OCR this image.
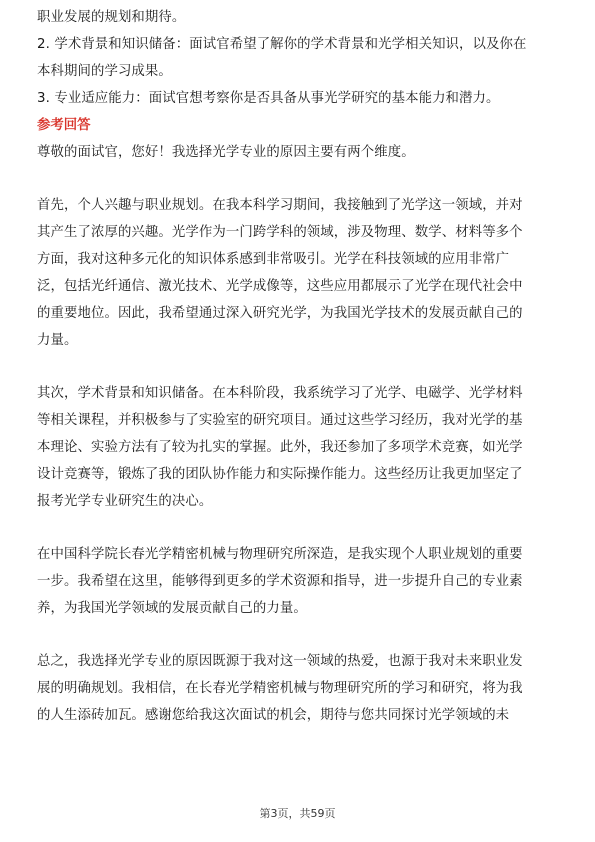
职业发展的规划和期待。
2. 学术背景和知识储备：面试官希望了解你的学术背景和光学相关知识，以及你在
本科期间的学习成果。
3. 专业适应能力：面试官想考察你是否具备从事光学研究的基本能力和潜力。
参考回答
尊敬的面试官，您好！我选择光学专业的原因主要有两个维度。
首先，个人兴趣与职业规划。在我本科学习期间，我接触到了光学这一领域，并对
其产生了浓厚的兴趣。光学作为一门跨学科的领域，涉及物理、数学、材料等多个
方面，我对这种多元化的知识体系感到非常吸引。光学在科技领域的应用非常广
泛，包括光纤通信、激光技术、光学成像等，这些应用都展示了光学在现代社会中
的重要地位。因此，我希望通过深入研究光学，为我国光学技术的发展贡献自己的
力量。
其次，学术背景和知识储备。在本科阶段，我系统学习了光学、电磁学、光学材料
等相关课程，并积极参与了实验室的研究项目。通过这些学习经历，我对光学的基
本理论、实验方法有了较为扎实的掌握。此外，我还参加了多项学术竞赛，如光学
设计竞赛等，锻炼了我的团队协作能力和实际操作能力。这些经历让我更加坚定了
报考光学专业研究生的决心。
在中国科学院长春光学精密机械与物理研究所深造，是我实现个人职业规划的重要
一步。我希望在这里，能够得到更多的学术资源和指导，进一步提升自己的专业素
养，为我国光学领域的发展贡献自己的力量。
总之，我选择光学专业的原因既源于我对这一领域的热爱，也源于我对未来职业发
展的明确规划。我相信，在长春光学精密机械与物理研究所的学习和研究，将为我
的人生添砖加瓦。感谢您给我这次面试的机会，期待与您共同探讨光学领域的未
第3页，共59页
